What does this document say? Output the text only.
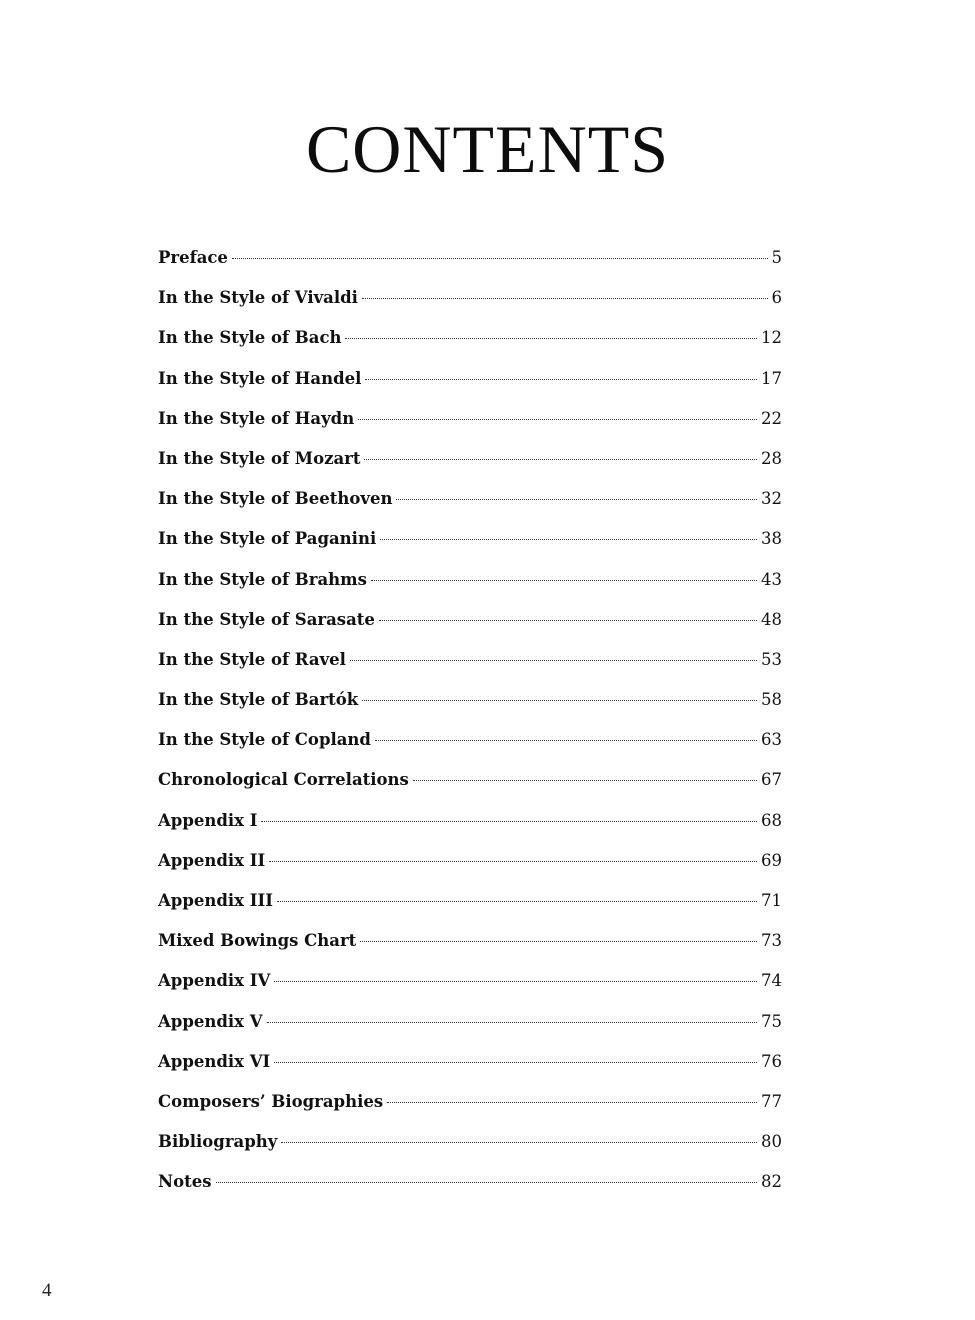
CONTENTS
Preface	5
In the Style of Vivaldi	6
In the Style of Bach	12
In the Style of Handel	17
In the Style of Haydn	22
In the Style of Mozart	28
In the Style of Beethoven	32
In the Style of Paganini	38
In the Style of Brahms	43
In the Style of Sarasate	48
In the Style of Ravel	53
In the Style of Bartók	58
In the Style of Copland	63
Chronological Correlations	67
Appendix I	68
Appendix II	69
Appendix III	71
Mixed Bowings Chart	73
Appendix IV	74
Appendix V	75
Appendix VI	76
Composers’ Biographies	77
Bibliography	80
Notes	82
4
